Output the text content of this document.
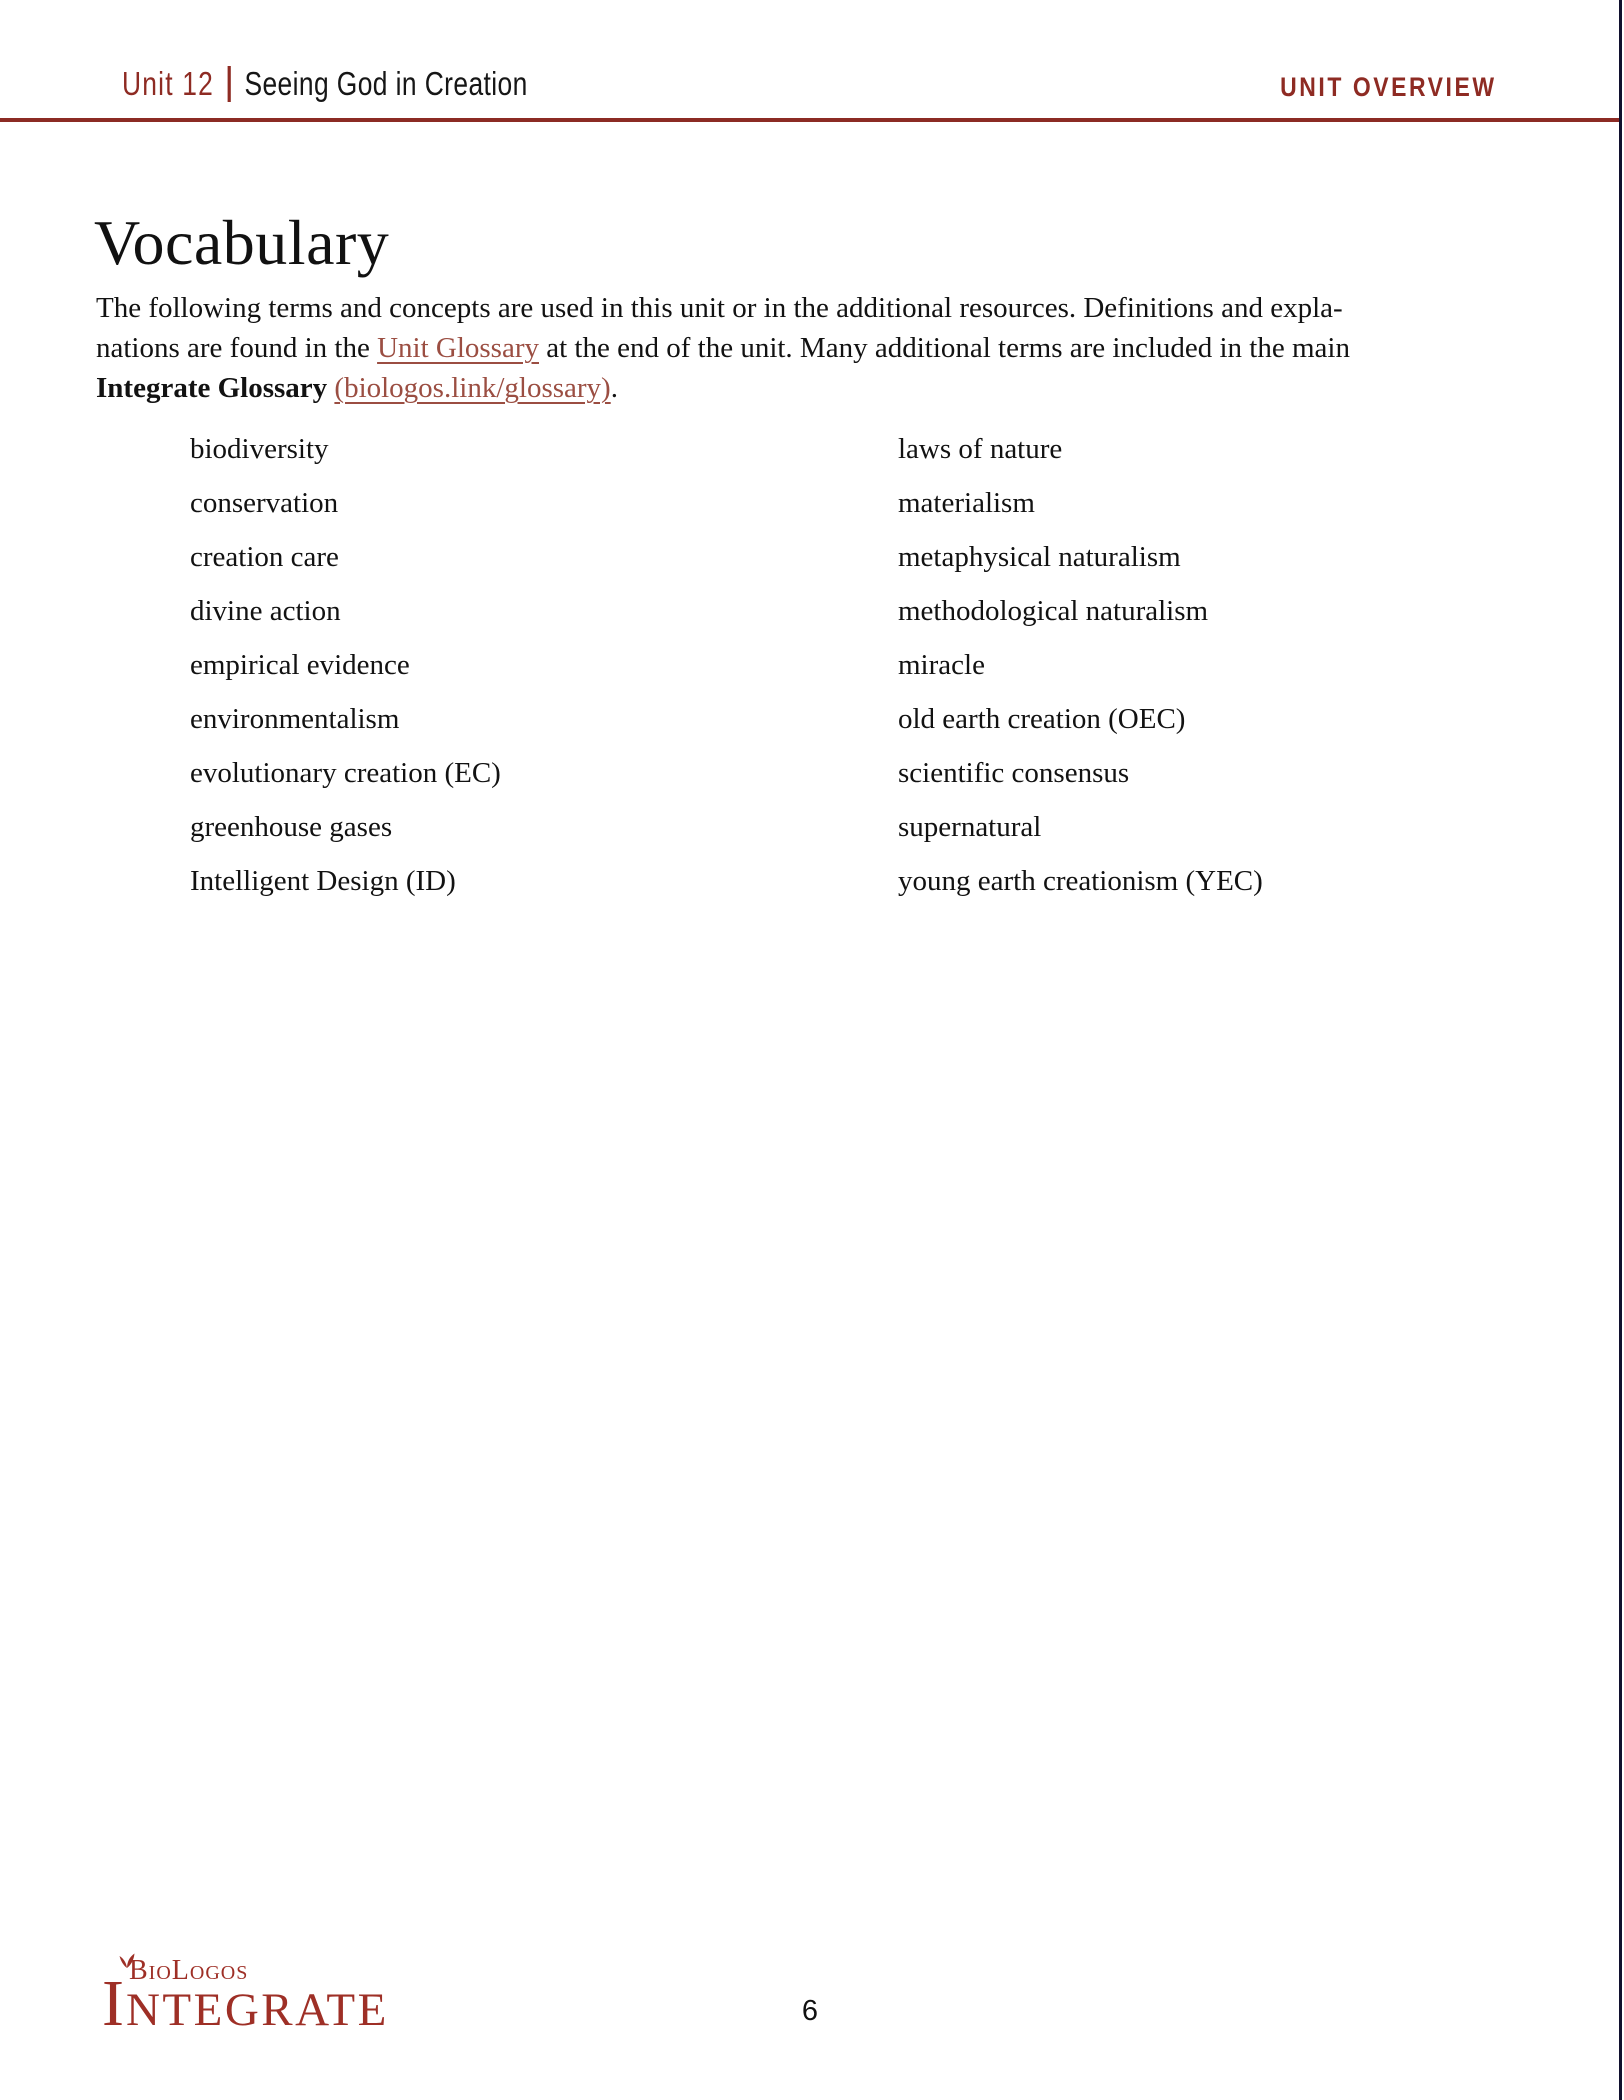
Unit 12 Seeing God in Creation	UNIT OVERVIEW
Vocabulary
The following terms and concepts are used in this unit or in the additional resources. Definitions and expla-
nations are found in the Unit Glossary at the end of the unit. Many additional terms are included in the main
Integrate Glossary (biologos.link/glossary).
biodiversity
conservation
creation care
divine action
empirical evidence
environmentalism
evolutionary creation (EC)
greenhouse gases
Intelligent Design (ID)
laws of nature
materialism
metaphysical naturalism
methodological naturalism
miracle
old earth creation (OEC)
scientific consensus
supernatural
young earth creationism (YEC)
BioLogos
INTEGRATE	6
